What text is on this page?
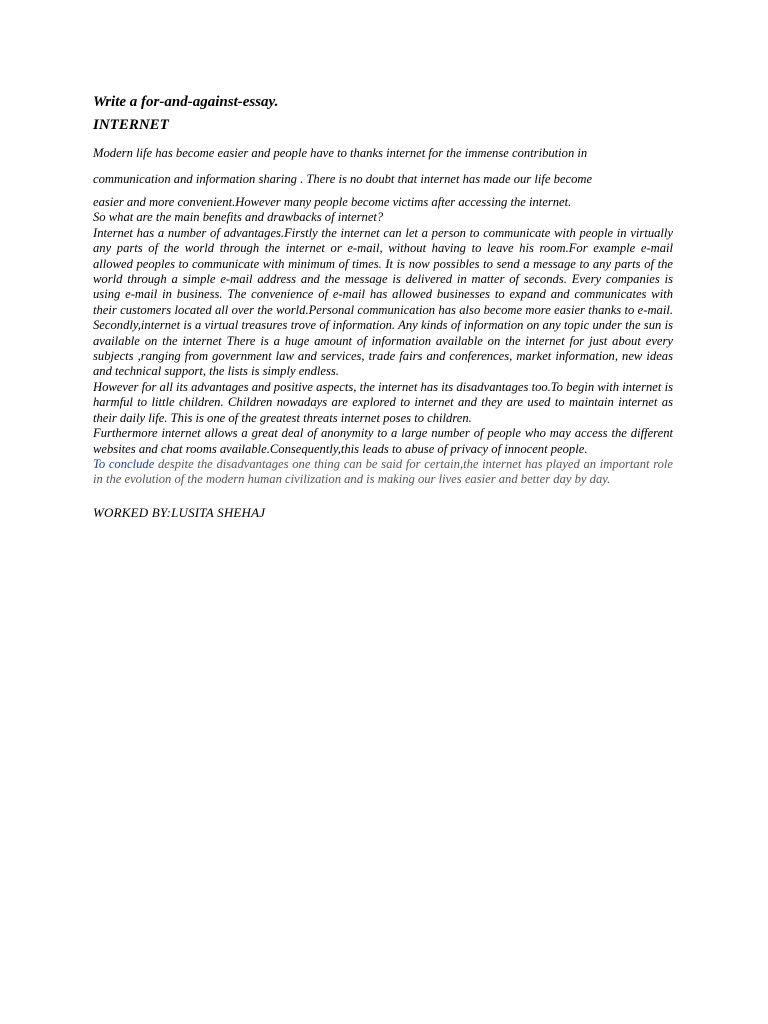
Write a for-and-against-essay.

INTERNET

Modern life has become easier and people have to thanks internet for the immense contribution in
communication and information sharing . There is no doubt that internet has made our life become
easier and more convenient.However many people become victims after accessing the internet.
So what are the main benefits and drawbacks of internet?
Internet has a number of advantages.Firstly the internet can let a person to communicate with people in virtually any parts of the world through the internet or e-mail, without having to leave his room.For example e-mail allowed peoples to communicate with minimum of times. It is now possibles to send a message to any parts of the world through a simple e-mail address and the message is delivered in matter of seconds. Every companies is using e-mail in business. The convenience of e-mail has allowed businesses to expand and communicates with their customers located all over the world.Personal communication has also become more easier thanks to e-mail. Secondly,internet is a virtual treasures trove of information. Any kinds of information on any topic under the sun is available on the internet There is a huge amount of information available on the internet for just about every subjects ,ranging from government law and services, trade fairs and conferences, market information, new ideas and technical support, the lists is simply endless.
However for all its advantages and positive aspects, the internet has its disadvantages too.To begin with internet is harmful to little children. Children nowadays are explored to internet and they are used to maintain internet as their daily life. This is one of the greatest threats internet poses to children.
Furthermore internet allows a great deal of anonymity to a large number of people who may access the different websites and chat rooms available.Consequently,this leads to abuse of privacy of innocent people.
To conclude despite the disadvantages one thing can be said for certain,the internet has played an important role in the evolution of the modern human civilization and is making our lives easier and better day by day.
WORKED BY:LUSITA SHEHAJ
